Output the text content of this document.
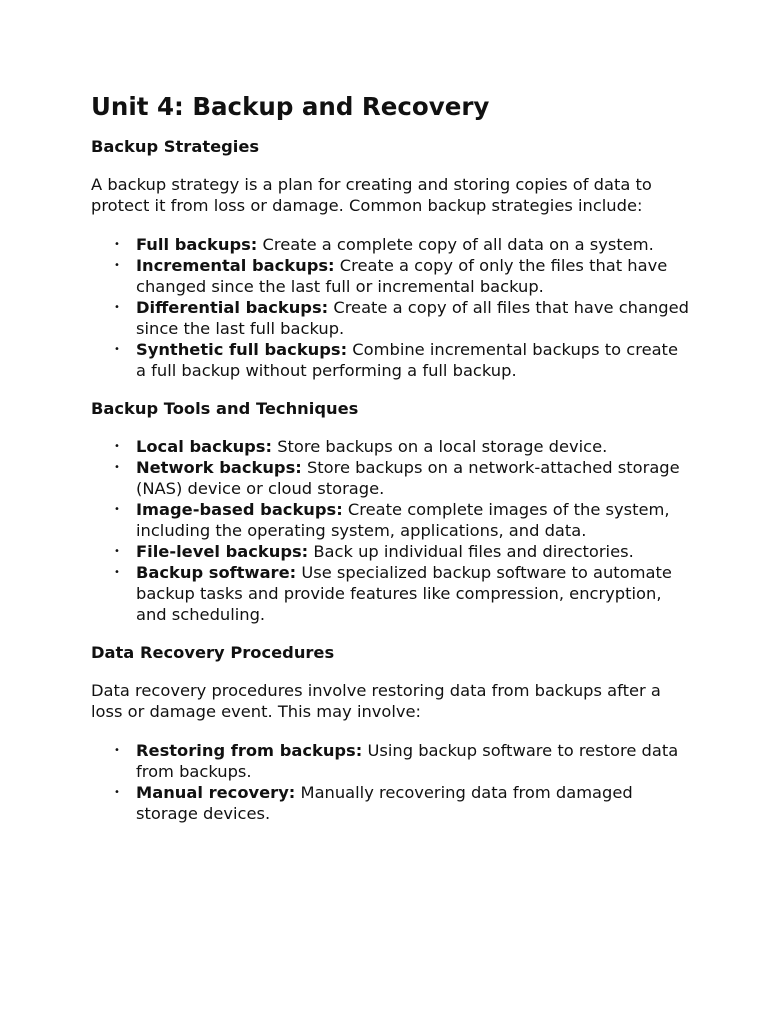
Unit 4: Backup and Recovery
Backup Strategies

A backup strategy is a plan for creating and storing copies of data to protect it from loss or damage. Common backup strategies include:

• Full backups: Create a complete copy of all data on a system.
• Incremental backups: Create a copy of only the files that have changed since the last full or incremental backup.
• Differential backups: Create a copy of all files that have changed since the last full backup.
• Synthetic full backups: Combine incremental backups to create a full backup without performing a full backup.
Backup Tools and Techniques
• Local backups: Store backups on a local storage device.
• Network backups: Store backups on a network-attached storage (NAS) device or cloud storage.
• Image-based backups: Create complete images of the system, including the operating system, applications, and data.
• File-level backups: Back up individual files and directories.
• Backup software: Use specialized backup software to automate backup tasks and provide features like compression, encryption, and scheduling.
Data Recovery Procedures

Data recovery procedures involve restoring data from backups after a loss or damage event. This may involve:

• Restoring from backups: Using backup software to restore data from backups.
• Manual recovery: Manually recovering data from damaged storage devices.
